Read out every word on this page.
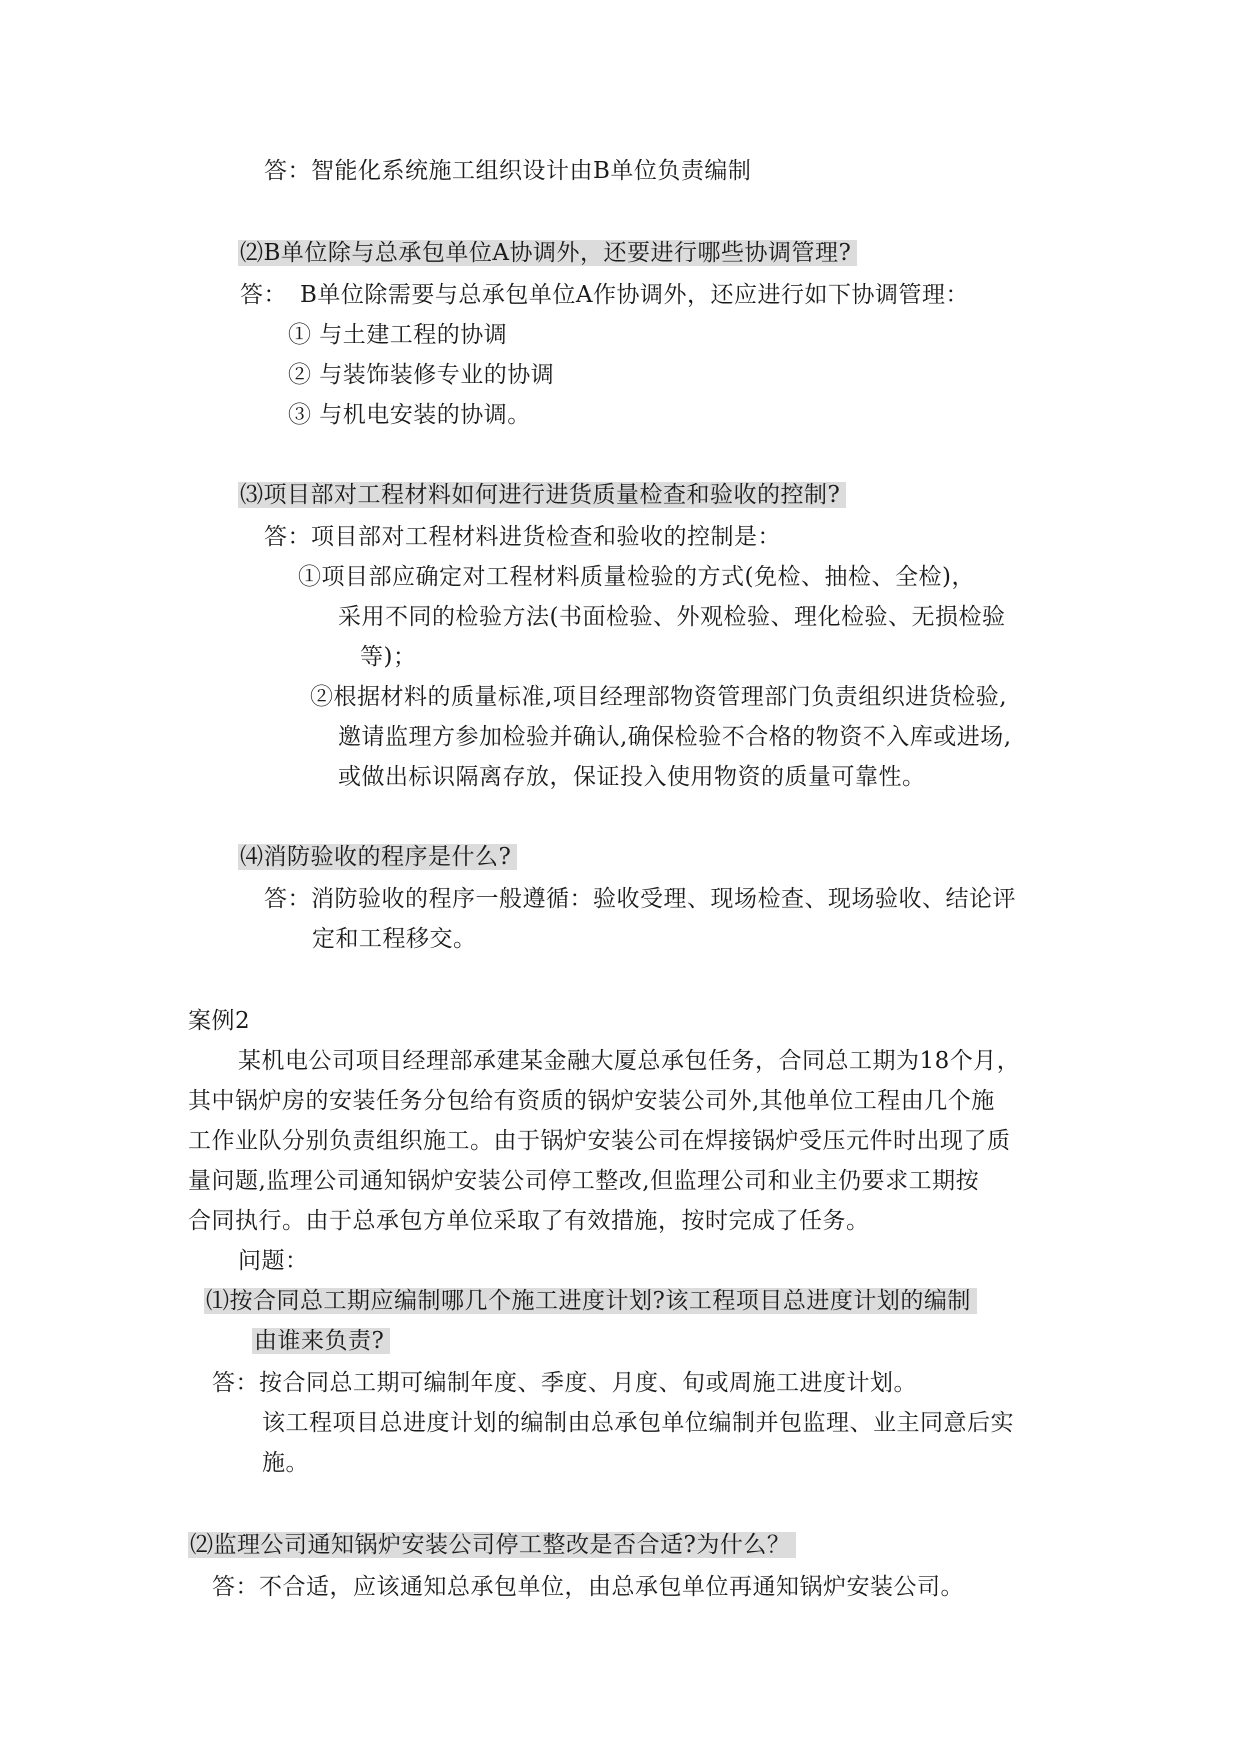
答：智能化系统施工组织设计由B单位负责编制
⑵B单位除与总承包单位A协调外，还要进行哪些协调管理?
答： B单位除需要与总承包单位A作协调外，还应进行如下协调管理：
① 与土建工程的协调
② 与装饰装修专业的协调
③ 与机电安装的协调。
⑶项目部对工程材料如何进行进货质量检查和验收的控制?
答：项目部对工程材料进货检查和验收的控制是：
①项目部应确定对工程材料质量检验的方式(免检、抽检、全检)，
采用不同的检验方法(书面检验、外观检验、理化检验、无损检验
等)；
②根据材料的质量标准,项目经理部物资管理部门负责组织进货检验,
邀请监理方参加检验并确认,确保检验不合格的物资不入库或进场,
或做出标识隔离存放，保证投入使用物资的质量可靠性。
⑷消防验收的程序是什么?
答：消防验收的程序一般遵循：验收受理、现场检查、现场验收、结论评
定和工程移交。
案例2
某机电公司项目经理部承建某金融大厦总承包任务，合同总工期为18个月，
其中锅炉房的安装任务分包给有资质的锅炉安装公司外,其他单位工程由几个施
工作业队分别负责组织施工。由于锅炉安装公司在焊接锅炉受压元件时出现了质
量问题,监理公司通知锅炉安装公司停工整改,但监理公司和业主仍要求工期按
合同执行。由于总承包方单位采取了有效措施，按时完成了任务。
问题：
⑴按合同总工期应编制哪几个施工进度计划?该工程项目总进度计划的编制
由谁来负责?
答：按合同总工期可编制年度、季度、月度、旬或周施工进度计划。
该工程项目总进度计划的编制由总承包单位编制并包监理、业主同意后实
施。
⑵监理公司通知锅炉安装公司停工整改是否合适?为什么？
答：不合适，应该通知总承包单位，由总承包单位再通知锅炉安装公司。
